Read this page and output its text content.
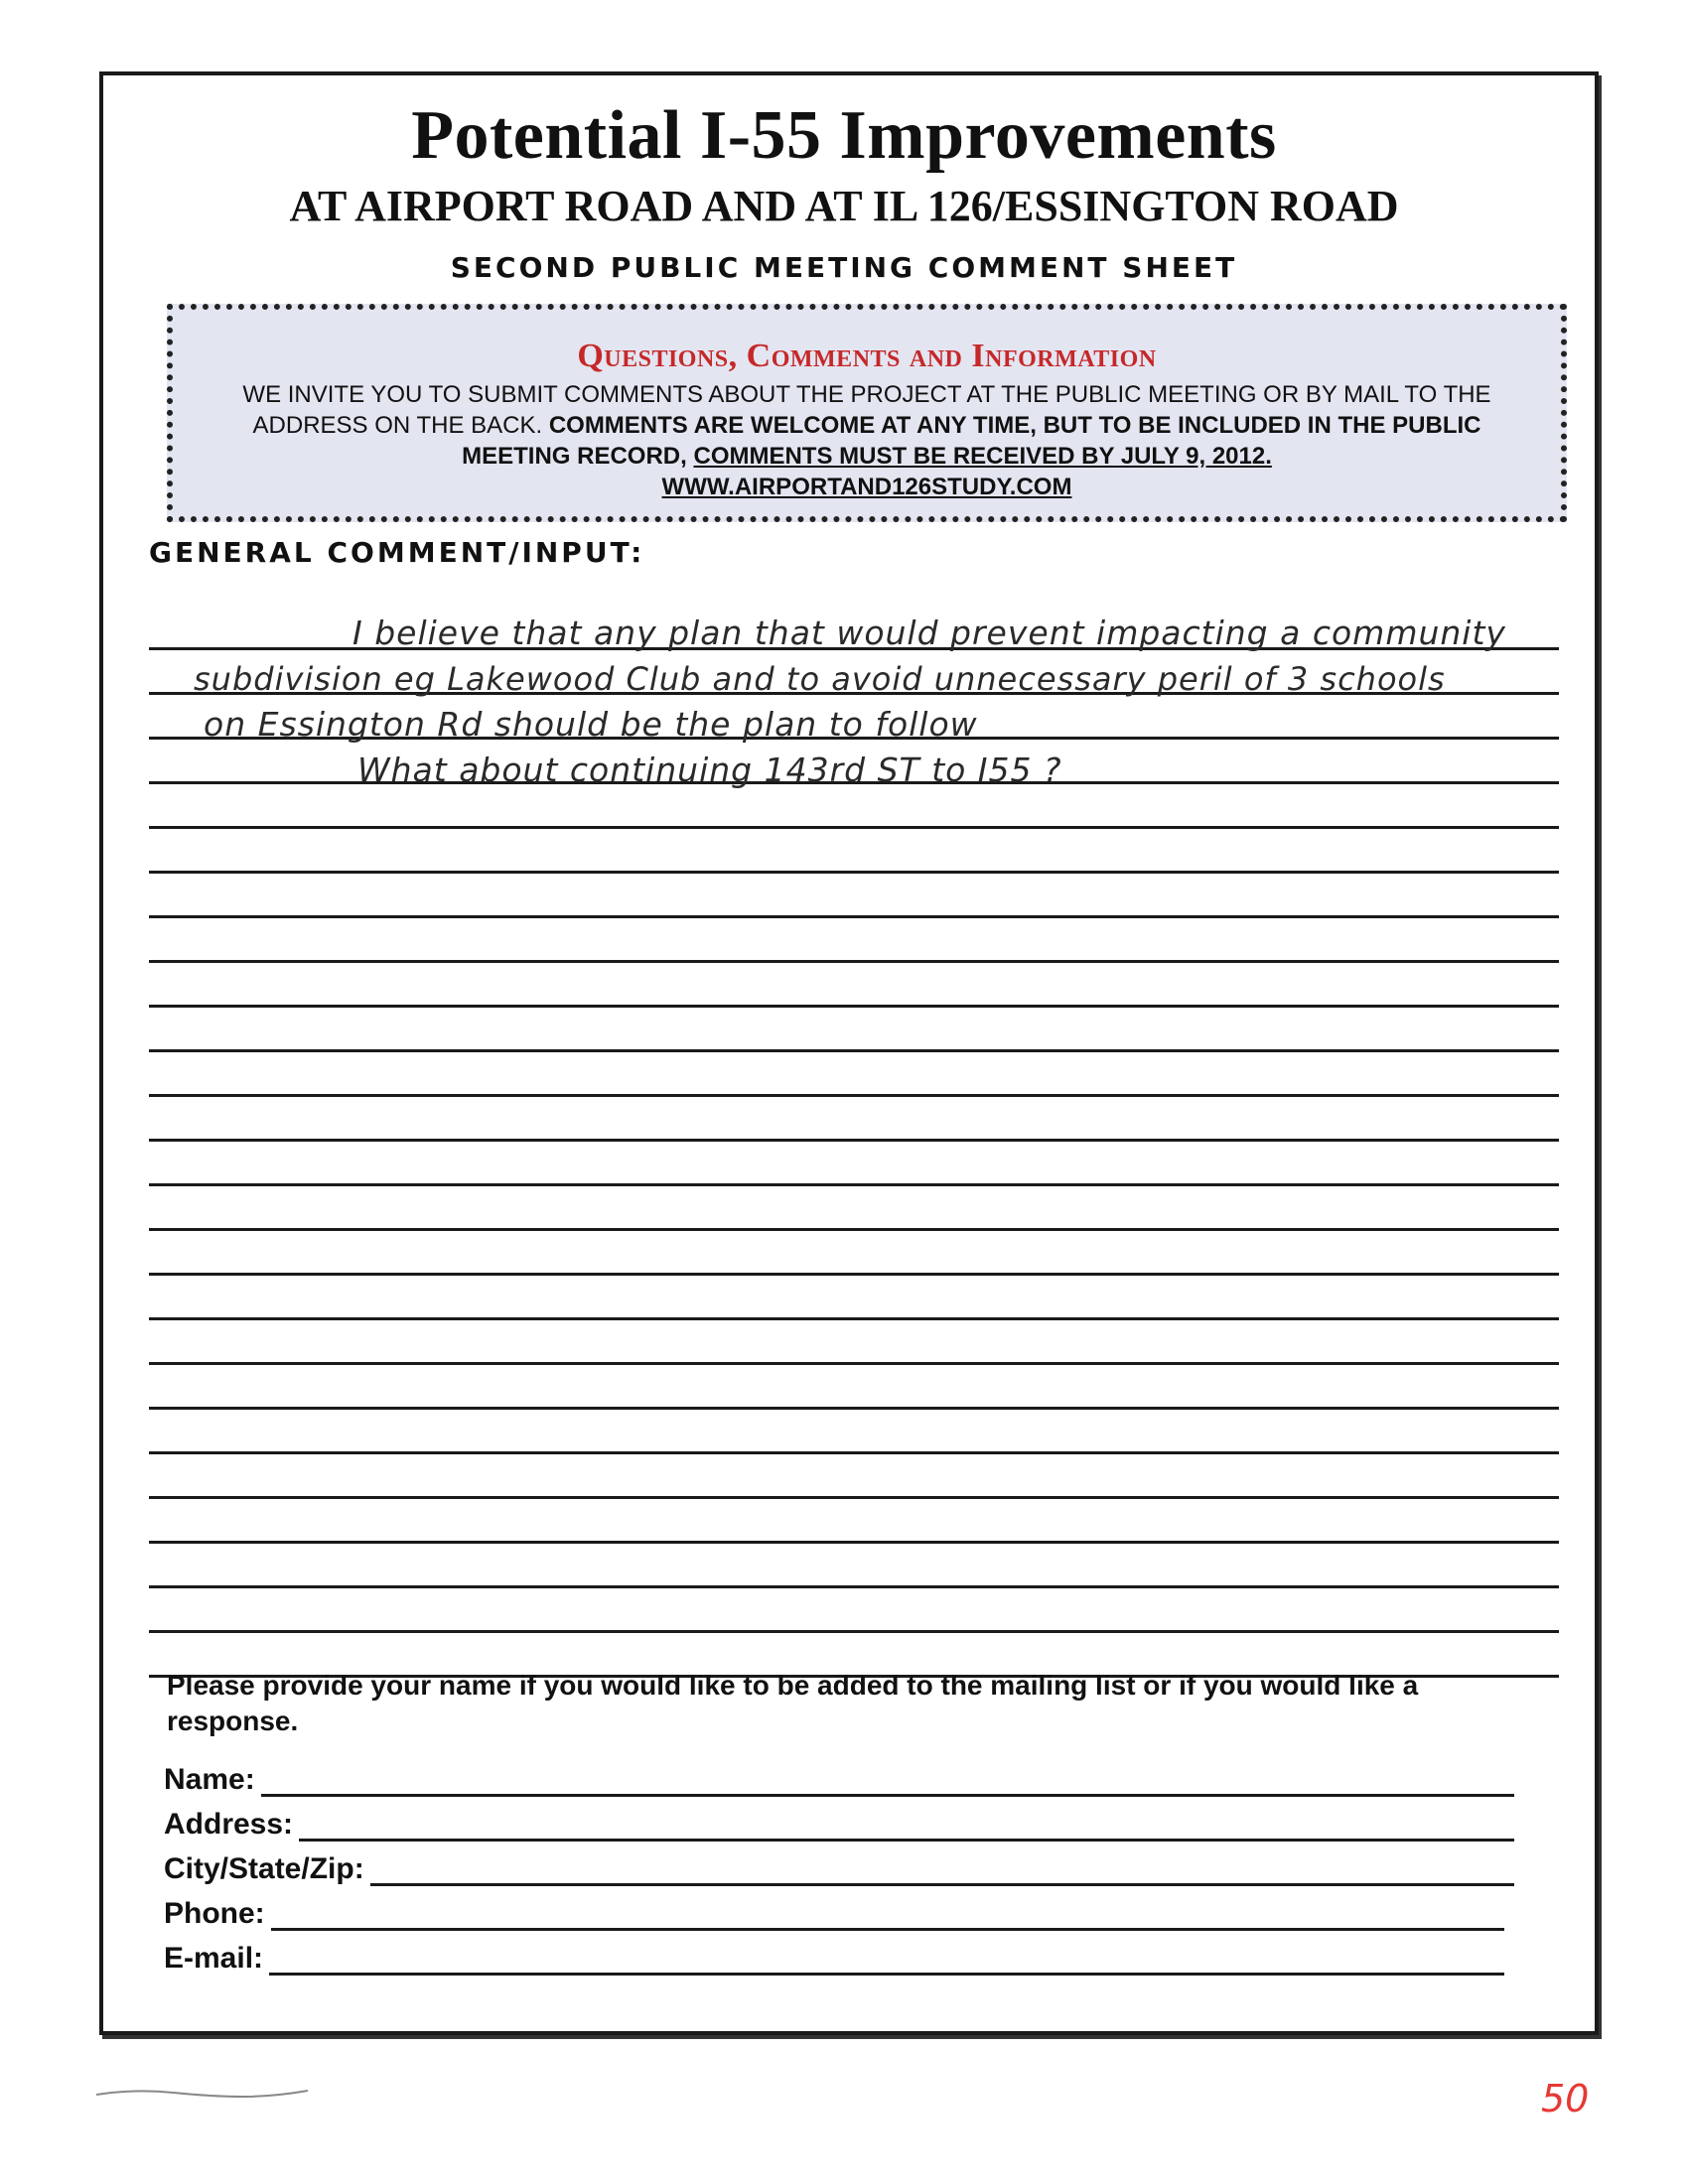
Potential I-55 Improvements
AT AIRPORT ROAD AND AT IL 126/ESSINGTON ROAD
SECOND PUBLIC MEETING COMMENT SHEET
Questions, Comments and Information
WE INVITE YOU TO SUBMIT COMMENTS ABOUT THE PROJECT AT THE PUBLIC MEETING OR BY MAIL TO THE ADDRESS ON THE BACK. COMMENTS ARE WELCOME AT ANY TIME, BUT TO BE INCLUDED IN THE PUBLIC MEETING RECORD, COMMENTS MUST BE RECEIVED BY JULY 9, 2012.
WWW.AIRPORTAND126STUDY.COM
GENERAL COMMENT/INPUT:
I believe that any plan that would prevent impacting a community
subdivision eg Lakewood Club and to avoid unnecessary peril of 3 schools
on Essington Rd should be the plan to follow
What about continuing 143rd ST to I55 ?
Please provide your name if you would like to be added to the mailing list or if you would like a response.
Name:
Address:
City/State/Zip:
Phone:
E-mail:
50
